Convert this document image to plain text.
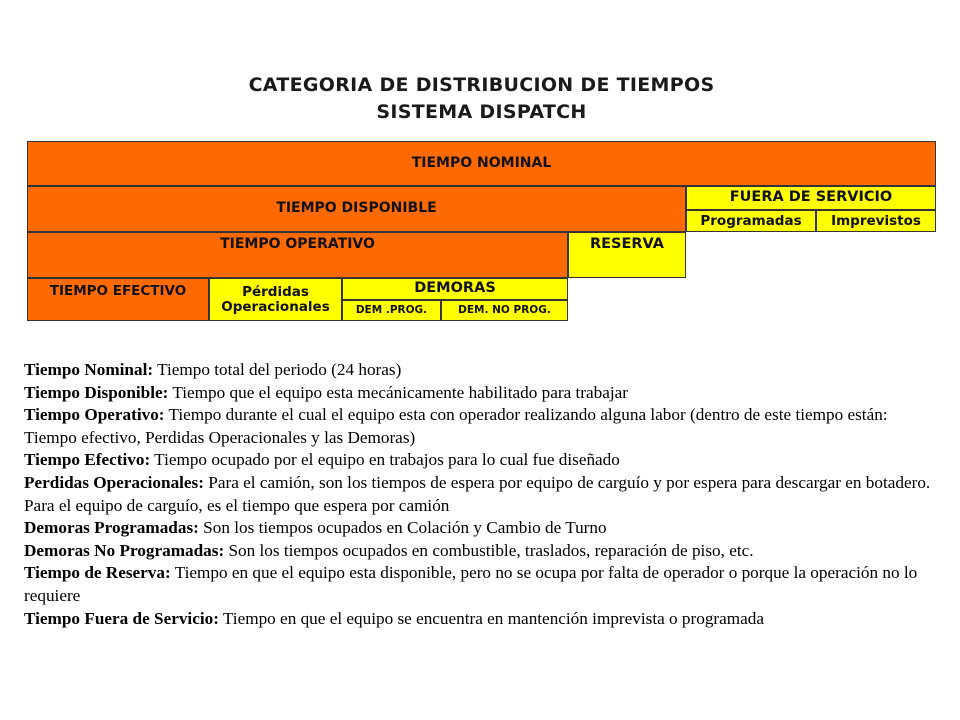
CATEGORIA DE DISTRIBUCION DE TIEMPOS
SISTEMA DISPATCH
TIEMPO NOMINAL
TIEMPO DISPONIBLE
FUERA DE SERVICIO
Programadas	Imprevistos
TIEMPO OPERATIVO	RESERVA
TIEMPO EFECTIVO	Pérdidas
Operacionales
DEMORAS
DEM .PROG.	DEM. NO PROG.

Tiempo Nominal: Tiempo total del periodo (24 horas)

Tiempo Disponible: Tiempo que el equipo esta mecánicamente habilitado para trabajar

Tiempo Operativo: Tiempo durante el cual el equipo esta con operador realizando alguna labor (dentro de este tiempo están: Tiempo efectivo, Perdidas Operacionales y las Demoras)

Tiempo Efectivo: Tiempo ocupado por el equipo en trabajos para lo cual fue diseñado

Perdidas Operacionales: Para el camión, son los tiempos de espera por equipo de carguío y por espera para descargar en botadero. Para el equipo de carguío, es el tiempo que espera por camión

Demoras Programadas: Son los tiempos ocupados en Colación y Cambio de Turno

Demoras No Programadas: Son los tiempos ocupados en combustible, traslados, reparación de piso, etc.

Tiempo de Reserva: Tiempo en que el equipo esta disponible, pero no se ocupa por falta de operador o porque la operación no lo requiere

Tiempo Fuera de Servicio: Tiempo en que el equipo se encuentra en mantención imprevista o programada
